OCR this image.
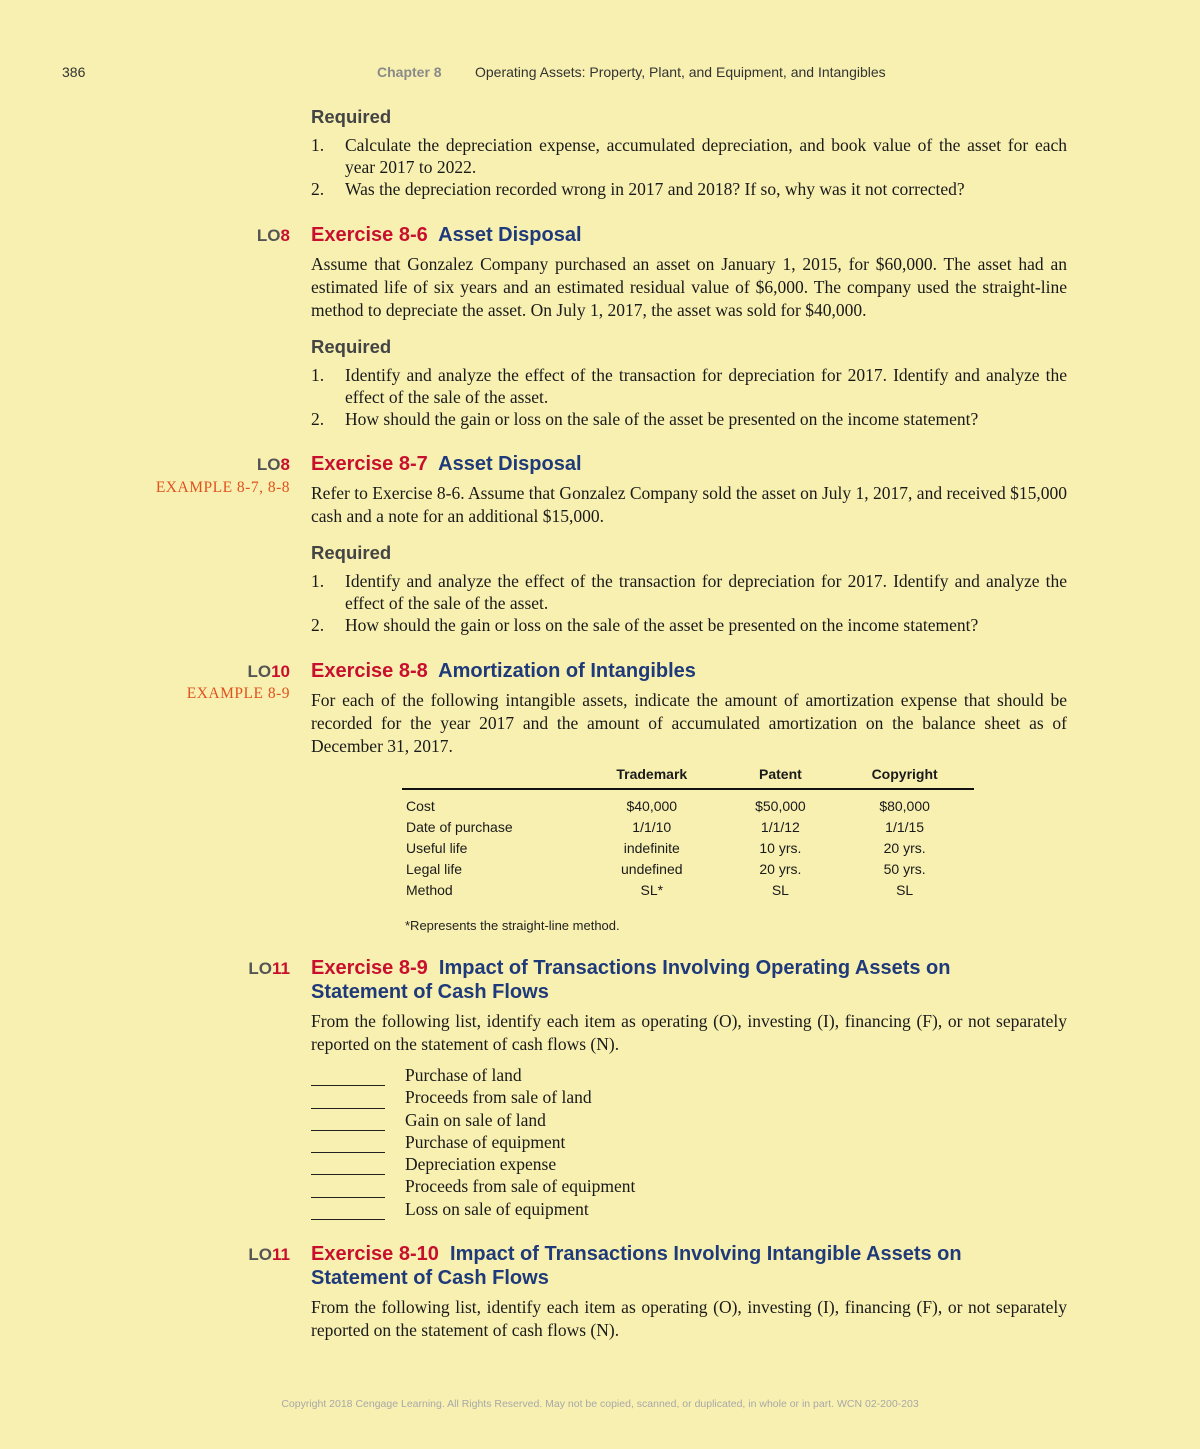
386	Chapter 8 Operating Assets: Property, Plant, and Equipment, and Intangibles

Required

1. Calculate the depreciation expense, accumulated depreciation, and book value of the asset for each year 2017 to 2022.
2. Was the depreciation recorded wrong in 2017 and 2018? If so, why was it not corrected?
LO8 Exercise 8-6 Asset Disposal

Assume that Gonzalez Company purchased an asset on January 1, 2015, for $60,000. The asset had an estimated life of six years and an estimated residual value of $6,000. The company used the straight-line method to depreciate the asset. On July 1, 2017, the asset was sold for $40,000.

Required

1. Identify and analyze the effect of the transaction for depreciation for 2017. Identify and analyze the effect of the sale of the asset.
2. How should the gain or loss on the sale of the asset be presented on the income statement?
LO8
EXAMPLE 8-7, 8-8
Exercise 8-7 Asset Disposal

Refer to Exercise 8-6. Assume that Gonzalez Company sold the asset on July 1, 2017, and received $15,000 cash and a note for an additional $15,000.

Required

1. Identify and analyze the effect of the transaction for depreciation for 2017. Identify and analyze the effect of the sale of the asset.
2. How should the gain or loss on the sale of the asset be presented on the income statement?
LO10
EXAMPLE 8-9
Exercise 8-8 Amortization of Intangibles

For each of the following intangible assets, indicate the amount of amortization expense that should be recorded for the year 2017 and the amount of accumulated amortization on the balance sheet as of December 31, 2017.

	Trademark	Patent	Copyright
Cost	$40,000	$50,000	$80,000
Date of purchase	1/1/10	1/1/12	1/1/15
Useful life	indefinite	10 yrs.	20 yrs.
Legal life	undefined	20 yrs.	50 yrs.
Method	SL*	SL	SL
*Represents the straight-line method.
LO11 Exercise 8-9 Impact of Transactions Involving Operating Assets on Statement of Cash Flows

From the following list, identify each item as operating (O), investing (I), financing (F), or not separately reported on the statement of cash flows (N).

Purchase of land
Proceeds from sale of land
Gain on sale of land
Purchase of equipment
Depreciation expense
Proceeds from sale of equipment
Loss on sale of equipment
LO11 Exercise 8-10 Impact of Transactions Involving Intangible Assets on Statement of Cash Flows

From the following list, identify each item as operating (O), investing (I), financing (F), or not separately reported on the statement of cash flows (N).

Copyright 2018 Cengage Learning. All Rights Reserved. May not be copied, scanned, or duplicated, in whole or in part. WCN 02-200-203
